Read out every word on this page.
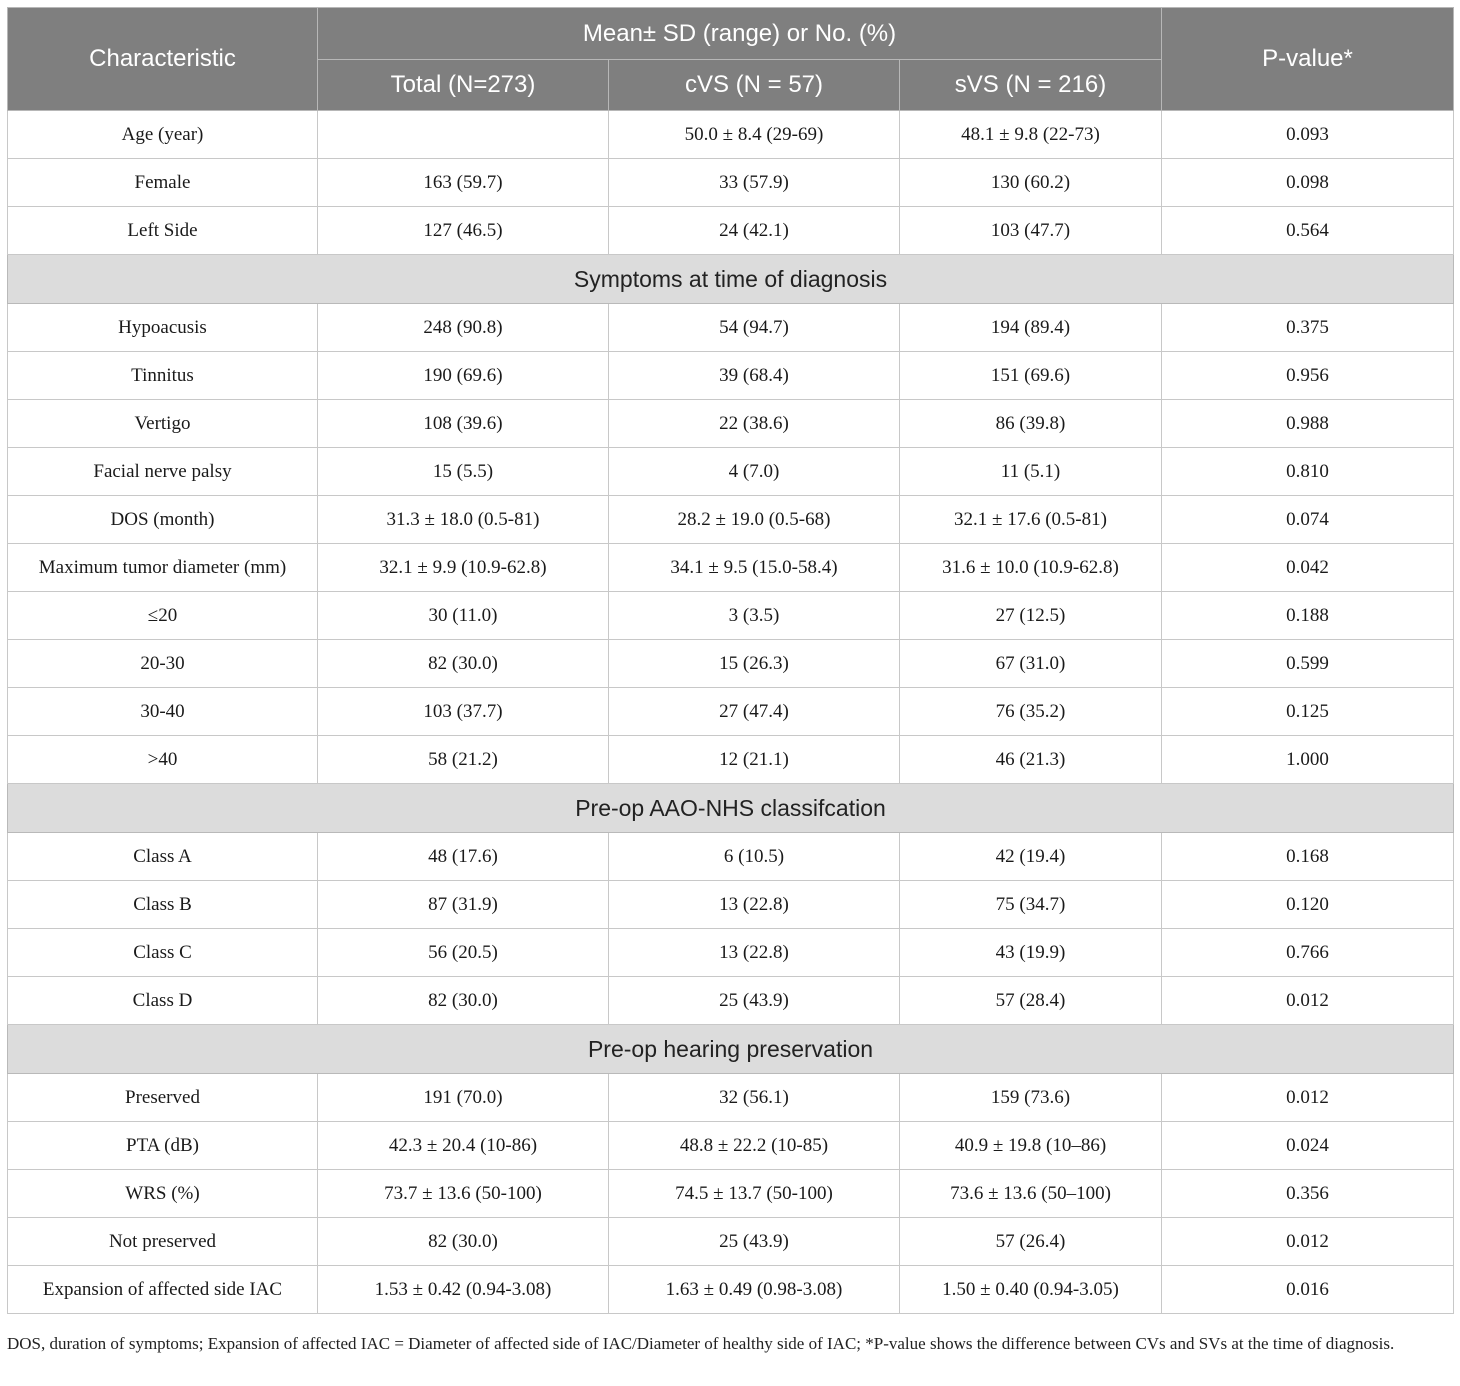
Characteristic	Mean± SD (range) or No. (%)			P-value*
	Total (N=273)	cVS (N = 57)	sVS (N = 216)	
Age (year)		50.0 ± 8.4 (29-69)	48.1 ± 9.8 (22-73)	0.093
Female	163 (59.7)	33 (57.9)	130 (60.2)	0.098
Left Side	127 (46.5)	24 (42.1)	103 (47.7)	0.564
Symptoms at time of diagnosis				
Hypoacusis	248 (90.8)	54 (94.7)	194 (89.4)	0.375
Tinnitus	190 (69.6)	39 (68.4)	151 (69.6)	0.956
Vertigo	108 (39.6)	22 (38.6)	86 (39.8)	0.988
Facial nerve palsy	15 (5.5)	4 (7.0)	11 (5.1)	0.810
DOS (month)	31.3 ± 18.0 (0.5-81)	28.2 ± 19.0 (0.5-68)	32.1 ± 17.6 (0.5-81)	0.074
Maximum tumor diameter (mm)	32.1 ± 9.9 (10.9-62.8)	34.1 ± 9.5 (15.0-58.4)	31.6 ± 10.0 (10.9-62.8)	0.042
≤20	30 (11.0)	3 (3.5)	27 (12.5)	0.188
20-30	82 (30.0)	15 (26.3)	67 (31.0)	0.599
30-40	103 (37.7)	27 (47.4)	76 (35.2)	0.125
>40	58 (21.2)	12 (21.1)	46 (21.3)	1.000
Pre-op AAO-NHS classifcation				
Class A	48 (17.6)	6 (10.5)	42 (19.4)	0.168
Class B	87 (31.9)	13 (22.8)	75 (34.7)	0.120
Class C	56 (20.5)	13 (22.8)	43 (19.9)	0.766
Class D	82 (30.0)	25 (43.9)	57 (28.4)	0.012
Pre-op hearing preservation				
Preserved	191 (70.0)	32 (56.1)	159 (73.6)	0.012
PTA (dB)	42.3 ± 20.4 (10-86)	48.8 ± 22.2 (10-85)	40.9 ± 19.8 (10–86)	0.024
WRS (%)	73.7 ± 13.6 (50-100)	74.5 ± 13.7 (50-100)	73.6 ± 13.6 (50–100)	0.356
Not preserved	82 (30.0)	25 (43.9)	57 (26.4)	0.012
Expansion of affected side IAC	1.53 ± 0.42 (0.94-3.08)	1.63 ± 0.49 (0.98-3.08)	1.50 ± 0.40 (0.94-3.05)	0.016
DOS, duration of symptoms; Expansion of affected IAC = Diameter of affected side of IAC/Diameter of healthy side of IAC; *P-value shows the difference between CVs and SVs at the time of diagnosis.
